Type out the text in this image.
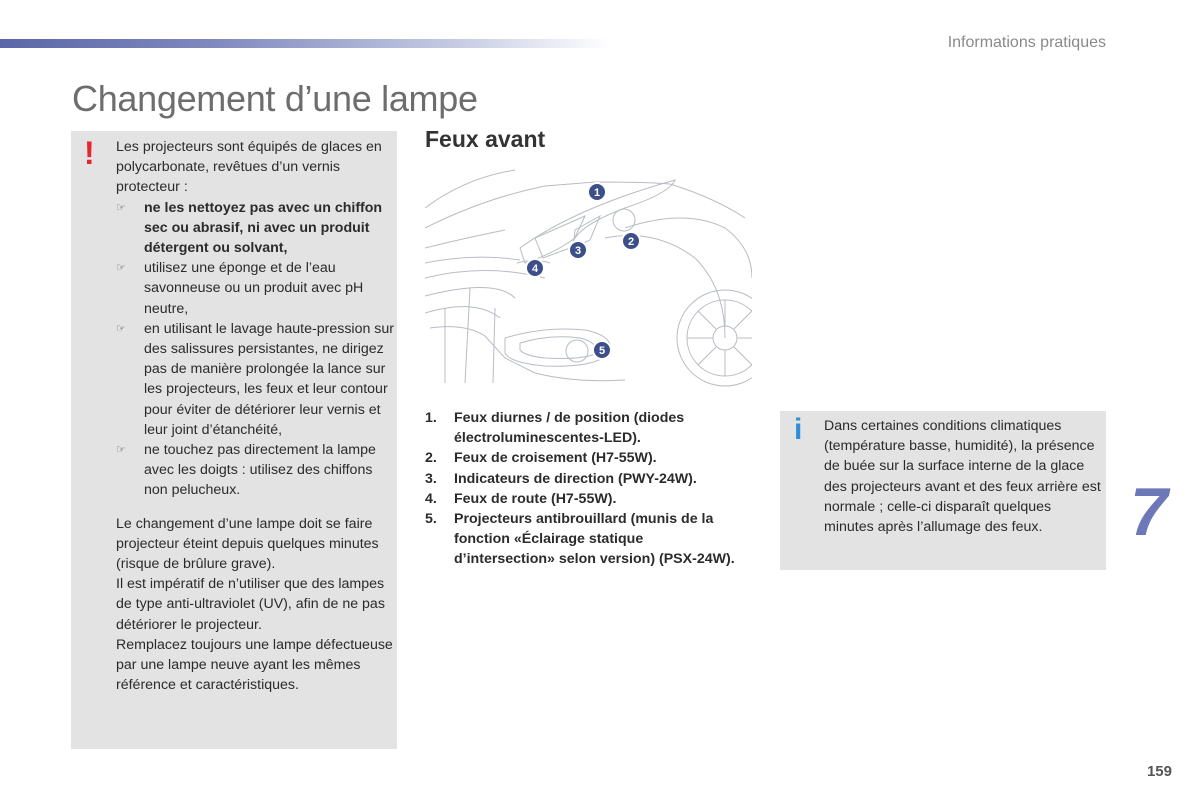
Informations pratiques
Changement d’une lampe
! Les projecteurs sont équipés de glaces en polycarbonate, revêtues d’un vernis protecteur :

☞	ne les nettoyez pas avec un chiffon sec ou abrasif, ni avec un produit détergent ou solvant,
☞	utilisez une éponge et de l’eau savonneuse ou un produit avec pH neutre,
☞	en utilisant le lavage haute-pression sur des salissures persistantes, ne dirigez pas de manière prolongée la lance sur les projecteurs, les feux et leur contour pour éviter de détériorer leur vernis et leur joint d’étanchéité,
☞	ne touchez pas directement la lampe avec les doigts : utilisez des chiffons non pelucheux.

Le changement d’une lampe doit se faire projecteur éteint depuis quelques minutes (risque de brûlure grave).

Il est impératif de n’utiliser que des lampes de type anti-ultraviolet (UV), afin de ne pas détériorer le projecteur.

Remplacez toujours une lampe défectueuse par une lampe neuve ayant les mêmes référence et caractéristiques.

Feux avant
1
2
3
4
5
1. Feux diurnes / de position (diodes électroluminescentes-LED).
2. Feux de croisement (H7-55W).
3. Indicateurs de direction (PWY-24W).
4. Feux de route (H7-55W).
5. Projecteurs antibrouillard (munis de la fonction «Éclairage statique d’intersection» selon version) (PSX-24W).
i Dans certaines conditions climatiques (température basse, humidité), la présence de buée sur la surface interne de la glace des projecteurs avant et des feux arrière est normale ; celle-ci disparaît quelques minutes après l’allumage des feux.	7
159
